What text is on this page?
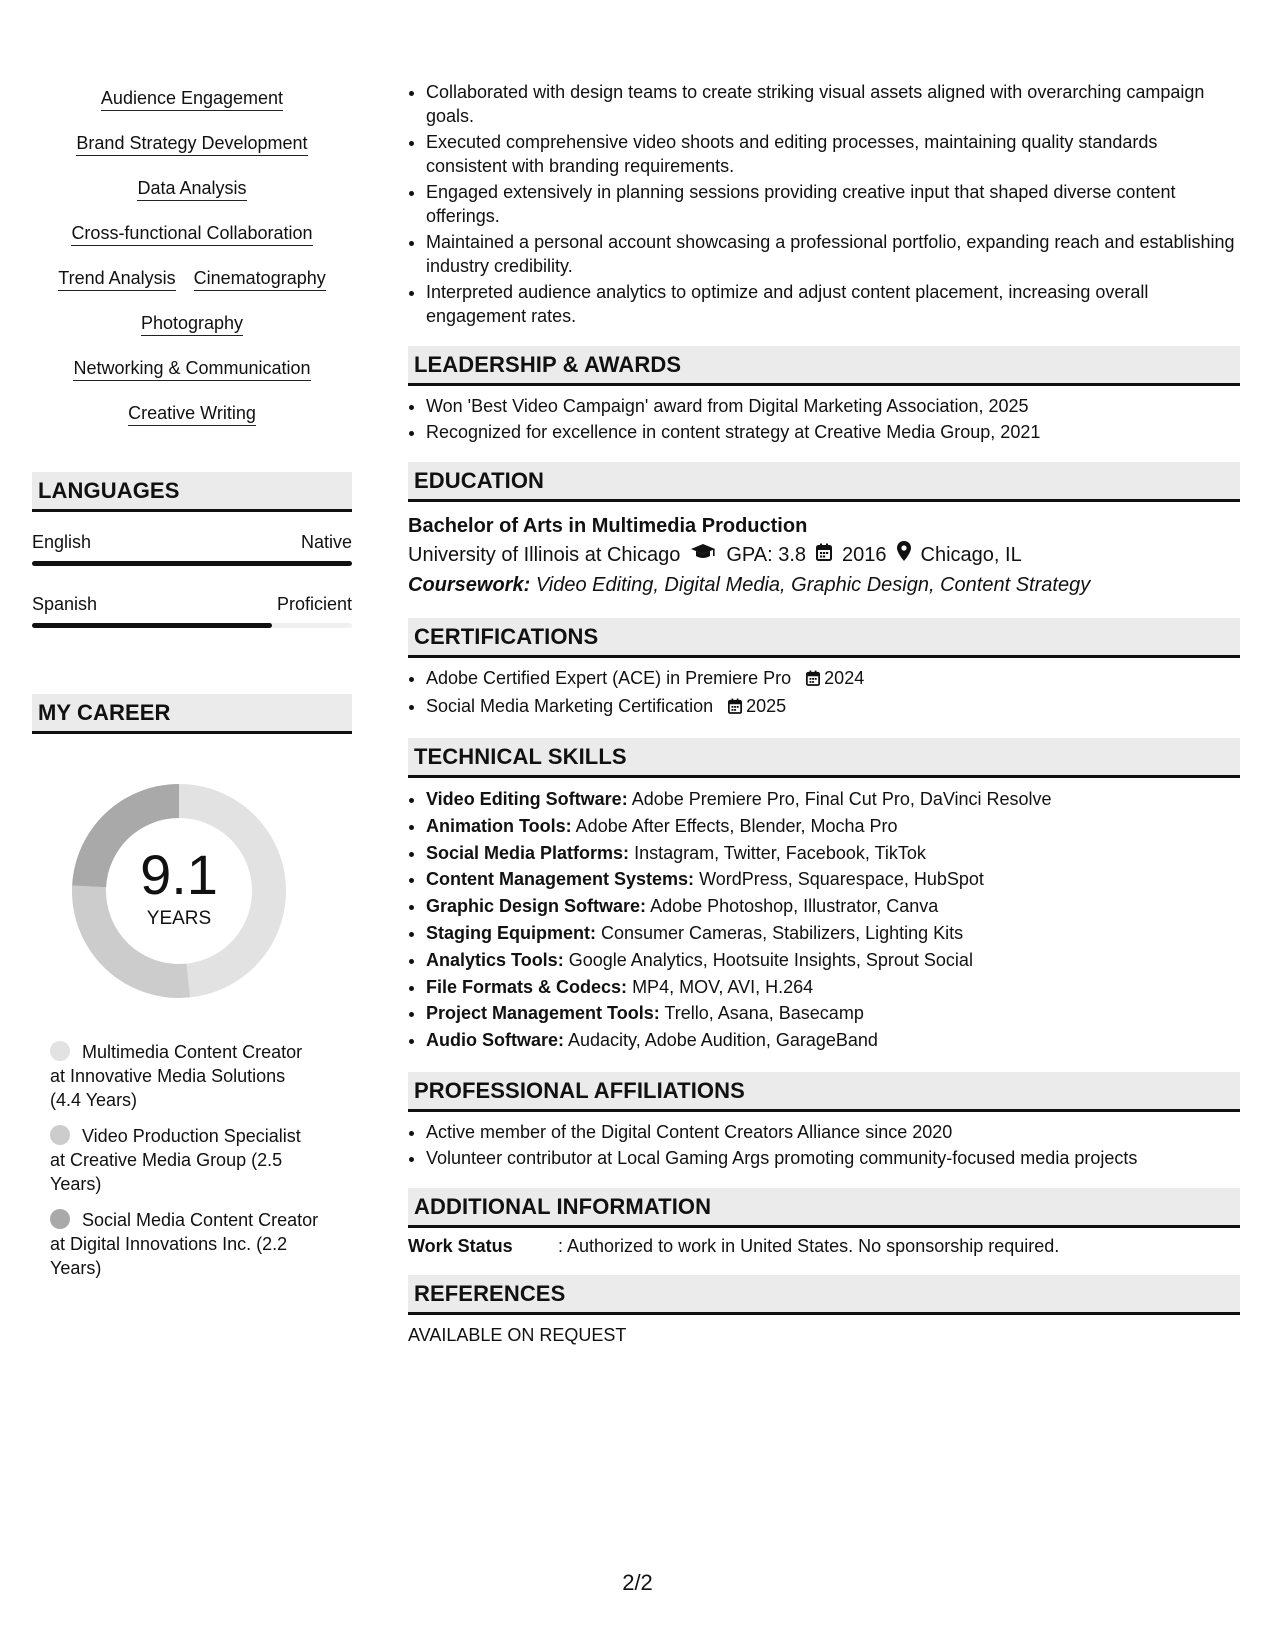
Audience Engagement
Brand Strategy Development
Data Analysis
Cross-functional Collaboration
Trend Analysis Cinematography
Photography
Networking & Communication
Creative Writing
LANGUAGES
English	Native
Spanish	Proficient
MY CAREER
9.1
YEARS
Multimedia Content Creator at Innovative Media Solutions (4.4 Years)
Video Production Specialist at Creative Media Group (2.5 Years)
Social Media Content Creator at Digital Innovations Inc. (2.2 Years)
• Collaborated with design teams to create striking visual assets aligned with overarching campaign goals.
• Executed comprehensive video shoots and editing processes, maintaining quality standards consistent with branding requirements.
• Engaged extensively in planning sessions providing creative input that shaped diverse content offerings.
• Maintained a personal account showcasing a professional portfolio, expanding reach and establishing industry credibility.
• Interpreted audience analytics to optimize and adjust content placement, increasing overall engagement rates.
LEADERSHIP & AWARDS
• Won 'Best Video Campaign' award from Digital Marketing Association, 2025
• Recognized for excellence in content strategy at Creative Media Group, 2021
EDUCATION
Bachelor of Arts in Multimedia Production
University of Illinois at Chicago GPA: 3.8 2016 Chicago, IL
Coursework: Video Editing, Digital Media, Graphic Design, Content Strategy
CERTIFICATIONS
• Adobe Certified Expert (ACE) in Premiere Pro 2024
• Social Media Marketing Certification 2025
TECHNICAL SKILLS
• Video Editing Software: Adobe Premiere Pro, Final Cut Pro, DaVinci Resolve
• Animation Tools: Adobe After Effects, Blender, Mocha Pro
• Social Media Platforms: Instagram, Twitter, Facebook, TikTok
• Content Management Systems: WordPress, Squarespace, HubSpot
• Graphic Design Software: Adobe Photoshop, Illustrator, Canva
• Staging Equipment: Consumer Cameras, Stabilizers, Lighting Kits
• Analytics Tools: Google Analytics, Hootsuite Insights, Sprout Social
• File Formats & Codecs: MP4, MOV, AVI, H.264
• Project Management Tools: Trello, Asana, Basecamp
• Audio Software: Audacity, Adobe Audition, GarageBand
PROFESSIONAL AFFILIATIONS
• Active member of the Digital Content Creators Alliance since 2020
• Volunteer contributor at Local Gaming Args promoting community-focused media projects
ADDITIONAL INFORMATION
Work Status	: Authorized to work in United States. No sponsorship required.
REFERENCES
AVAILABLE ON REQUEST
2/2
